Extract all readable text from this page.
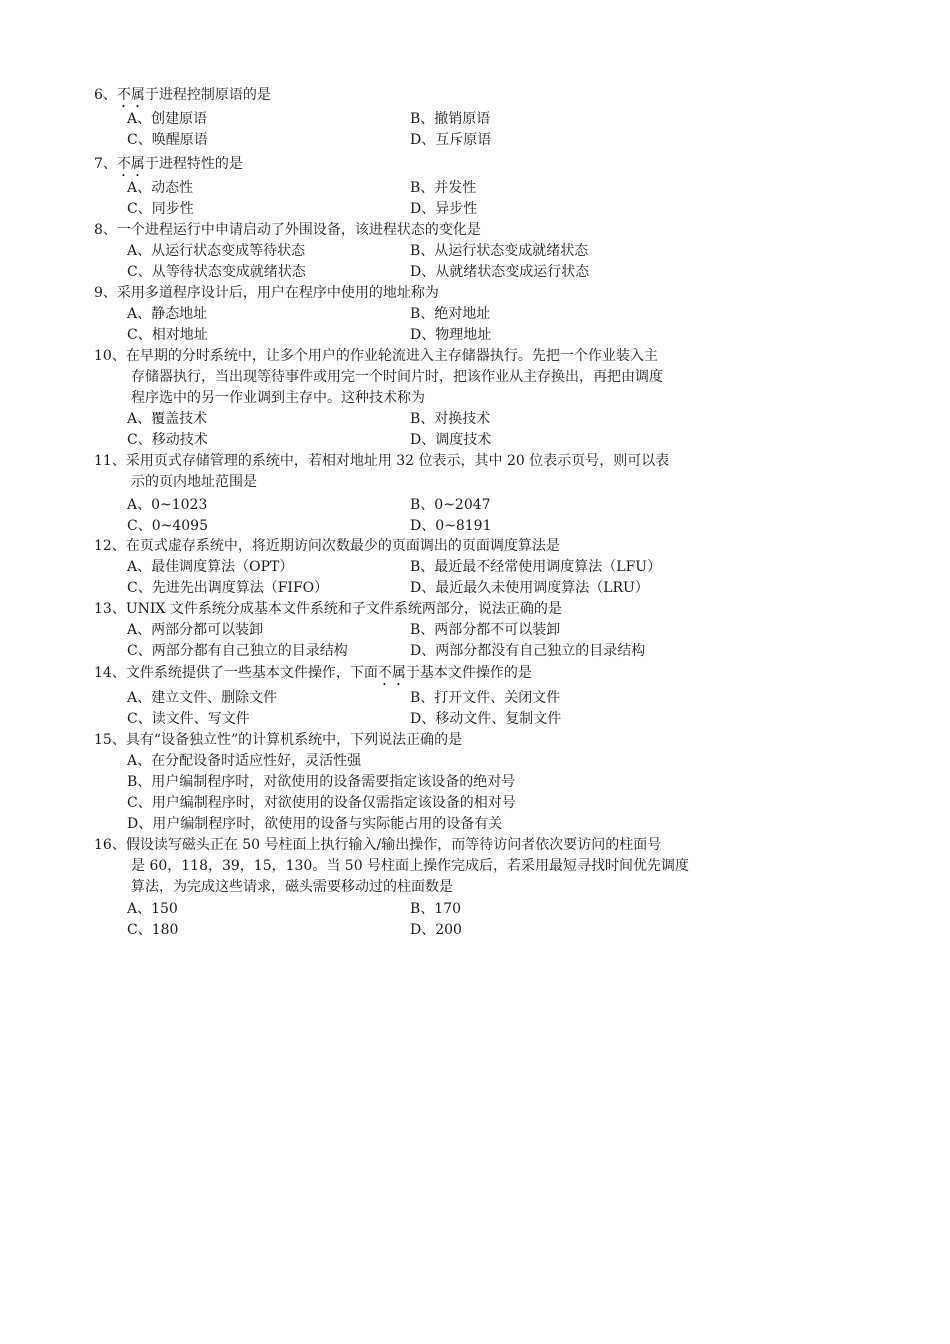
6、不属于进程控制原语的是
A、创建原语	B、撤销原语
C、唤醒原语	D、互斥原语
7、不属于进程特性的是
A、动态性	B、并发性
C、同步性	D、异步性
8、一个进程运行中申请启动了外围设备，该进程状态的变化是
A、从运行状态变成等待状态	B、从运行状态变成就绪状态
C、从等待状态变成就绪状态	D、从就绪状态变成运行状态
9、采用多道程序设计后，用户在程序中使用的地址称为
A、静态地址	B、绝对地址
C、相对地址	D、物理地址
10、在早期的分时系统中，让多个用户的作业轮流进入主存储器执行。先把一个作业装入主
存储器执行，当出现等待事件或用完一个时间片时，把该作业从主存换出，再把由调度
程序选中的另一作业调到主存中。这种技术称为
A、覆盖技术	B、对换技术
C、移动技术	D、调度技术
11、采用页式存储管理的系统中，若相对地址用 32 位表示，其中 20 位表示页号，则可以表
示的页内地址范围是
A、0~1023	B、0~2047
C、0~4095	D、0~8191
12、在页式虚存系统中，将近期访问次数最少的页面调出的页面调度算法是
A、最佳调度算法（OPT）	B、最近最不经常使用调度算法（LFU）
C、先进先出调度算法（FIFO）	D、最近最久未使用调度算法（LRU）
13、UNIX 文件系统分成基本文件系统和子文件系统两部分，说法正确的是
A、两部分都可以装卸	B、两部分都不可以装卸
C、两部分都有自己独立的目录结构	D、两部分都没有自己独立的目录结构
14、文件系统提供了一些基本文件操作，下面不属于基本文件操作的是
A、建立文件、删除文件	B、打开文件、关闭文件
C、读文件、写文件	D、移动文件、复制文件
15、具有“设备独立性”的计算机系统中，下列说法正确的是
A、在分配设备时适应性好，灵活性强
B、用户编制程序时，对欲使用的设备需要指定该设备的绝对号
C、用户编制程序时，对欲使用的设备仅需指定该设备的相对号
D、用户编制程序时，欲使用的设备与实际能占用的设备有关
16、假设读写磁头正在 50 号柱面上执行输入/输出操作，而等待访问者依次要访问的柱面号
是 60，118，39，15，130。当 50 号柱面上操作完成后，若采用最短寻找时间优先调度
算法，为完成这些请求，磁头需要移动过的柱面数是
A、150	B、170
C、180	D、200
